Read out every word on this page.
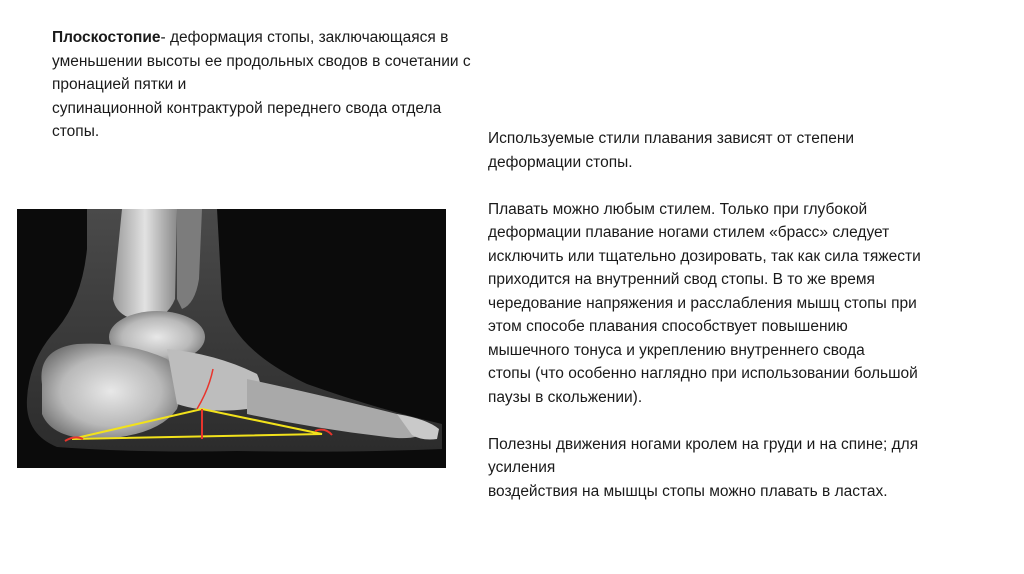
Плоскостопие- деформация стопы, заключающаяся в
уменьшении высоты ее продольных сводов в сочетании с
пронацией пятки и
супинационной контрактурой переднего свода отдела
стопы.	Используемые стили плавания зависят от степени
деформации стопы.
Плавать можно любым стилем. Только при глубокой
деформации плавание ногами стилем «брасс» следует
исключить или тщательно дозировать, так как сила тяжести
приходится на внутренний свод стопы. В то же время
чередование напряжения и расслабления мышц стопы при
этом способе плавания способствует повышению
мышечного тонуса и укреплению внутреннего свода
стопы (что особенно наглядно при использовании большой
паузы в скольжении).
Полезны движения ногами кролем на груди и на спине; для
усиления
воздействия на мышцы стопы можно плавать в ластах.
